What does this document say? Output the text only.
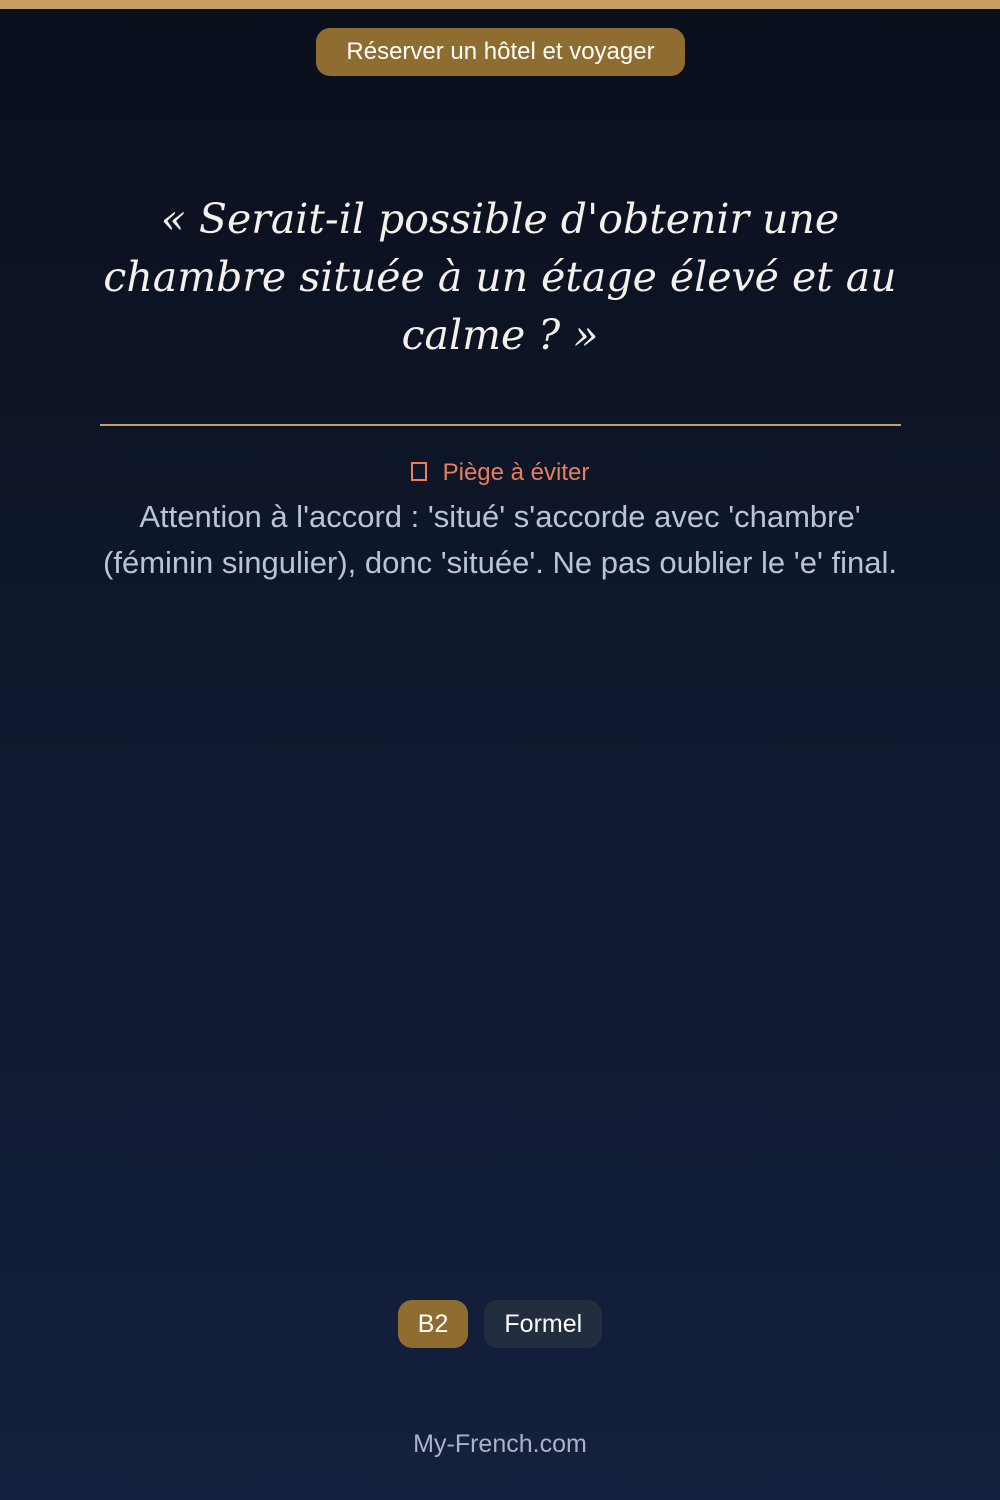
Réserver un hôtel et voyager
« Serait-il possible d'obtenir une chambre située à un étage élevé et au calme ? »
Piège à éviter

Attention à l'accord : 'situé' s'accorde avec 'chambre' (féminin singulier), donc 'située'. Ne pas oublier le 'e' final.

B2	Formel
My-French.com
